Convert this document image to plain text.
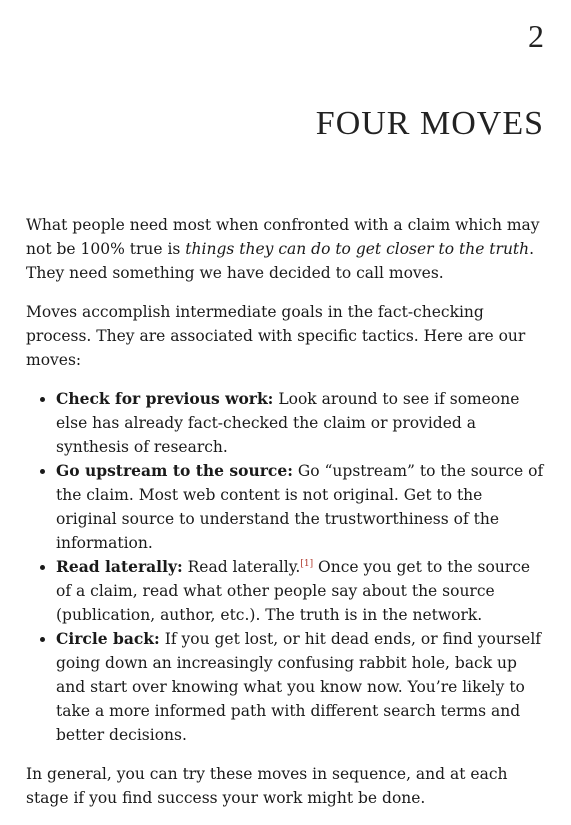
2
FOUR MOVES

What people need most when confronted with a claim which may not be 100% true is things they can do to get closer to the truth. They need something we have decided to call moves.

Moves accomplish intermediate goals in the fact-checking process. They are associated with specific tactics. Here are our moves:

• Check for previous work: Look around to see if someone else has already fact-checked the claim or provided a synthesis of research.
• Go upstream to the source: Go “upstream” to the source of the claim. Most web content is not original. Get to the original source to understand the trustworthiness of the information.
• Read laterally: Read laterally.[1] Once you get to the source of a claim, read what other people say about the source (publication, author, etc.). The truth is in the network.
• Circle back: If you get lost, or hit dead ends, or find yourself going down an increasingly confusing rabbit hole, back up and start over knowing what you know now. You’re likely to take a more informed path with different search terms and better decisions.

In general, you can try these moves in sequence, and at each stage if you find success your work might be done.
